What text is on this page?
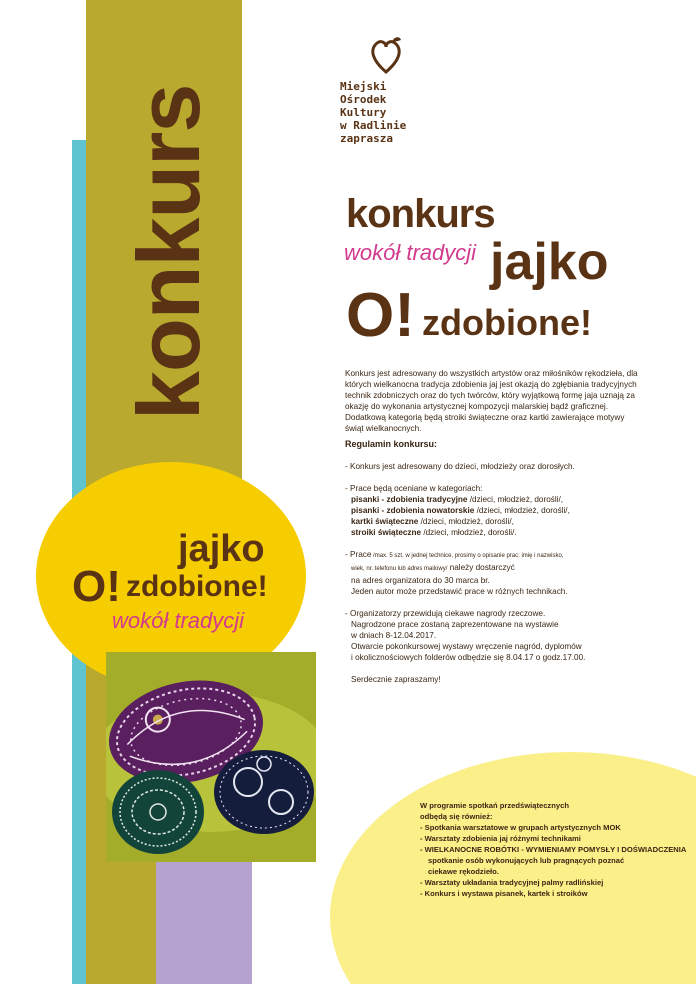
konkurs
jajko
O! zdobione!
wokół tradycji
Miejski
Ośrodek
Kultury
w Radlinie
zaprasza
konkurs
wokół tradycji jajko
O! zdobione!

Konkurs jest adresowany do wszystkich artystów oraz miłośników rękodzieła, dla których wielkanocna tradycja zdobienia jaj jest okazją do zgłębiania tradycyjnych technik zdobniczych oraz do tych twórców, który wyjątkową formę jaja uznają za okazję do wykonania artystycznej kompozycji malarskiej bądź graficznej. Dodatkową kategorią będą stroiki świąteczne oraz kartki zawierające motywy świąt wielkanocnych.

Regulamin konkursu:

- Konkurs jest adresowany do dzieci, młodzieży oraz dorosłych.

- Prace będą oceniane w kategoriach:

pisanki - zdobienia tradycyjne /dzieci, młodzież, dorośli/,

pisanki - zdobienia nowatorskie /dzieci, młodzież, dorośli/,

kartki świąteczne /dzieci, młodzież, dorośli/,

stroiki świąteczne /dzieci, młodzież, dorośli/.

- Prace /max. 5 szt. w jednej technice, prosimy o opisanie prac: imię i nazwisko,

wiek, nr. telefonu lub adres mailowy/ należy dostarczyć

na adres organizatora do 30 marca br.

Jeden autor może przedstawić prace w różnych technikach.

- Organizatorzy przewidują ciekawe nagrody rzeczowe.

Nagrodzone prace zostaną zaprezentowane na wystawie

w dniach 8-12.04.2017.

Otwarcie pokonkursowej wystawy wręczenie nagród, dyplomów

i okolicznościowych folderów odbędzie się 8.04.17 o godz.17.00.

Serdecznie zapraszamy!

W programie spotkań przedświątecznych

odbędą się również:

- Spotkania warsztatowe w grupach artystycznych MOK

- Warsztaty zdobienia jaj różnymi technikami

- WIELKANOCNE ROBÓTKI - WYMIENIAMY POMYSŁY I DOŚWIADCZENIA

spotkanie osób wykonujących lub pragnących poznać

ciekawe rękodzieło.

- Warsztaty układania tradycyjnej palmy radlińskiej

- Konkurs i wystawa pisanek, kartek i stroików
